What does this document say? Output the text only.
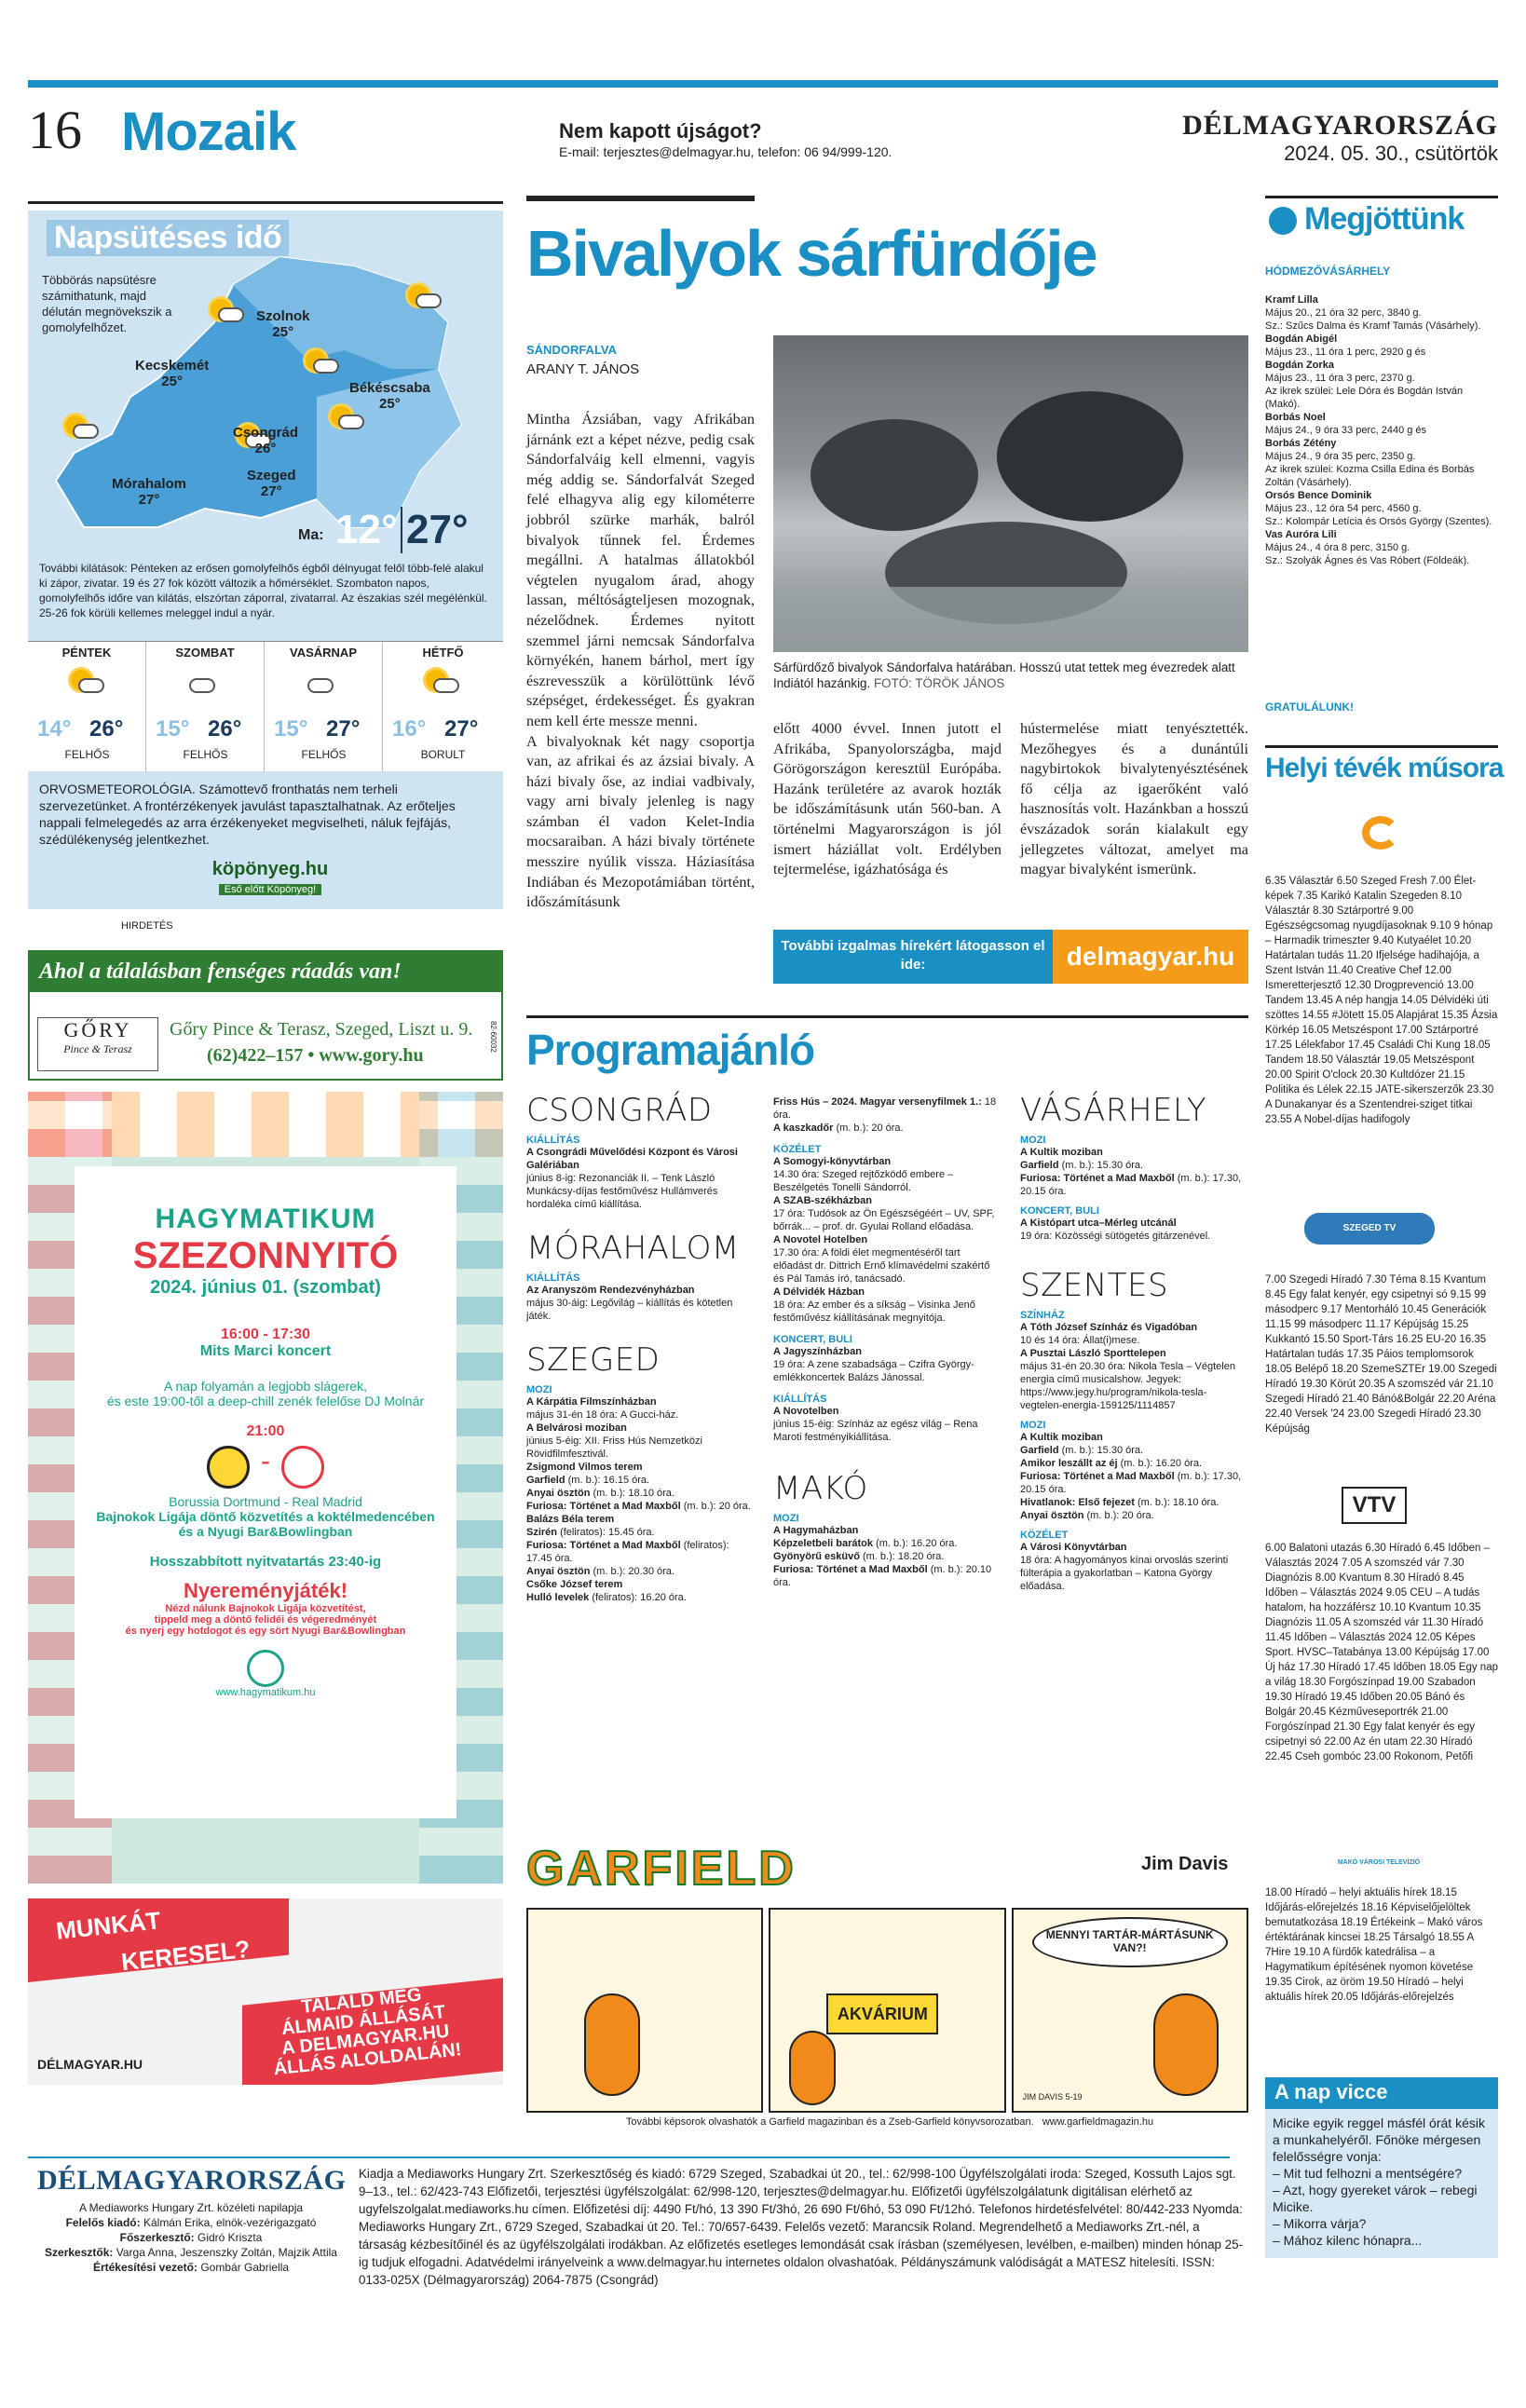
16 Mozaik	Nem kapott újságot?
E-mail: terjesztes@delmagyar.hu, telefon: 06 94/999-120.
DÉLMAGYARORSZÁG
2024. 05. 30., csütörtök
Napsütéses idő
Többörás napsütésre számithatunk, majd délután megnövekszik a gomolyfelhőzet.
Szolnok
25°
Kecskemét
25°	Békéscsaba
25°
Csongrád
26°
Szeged
27°
Mórahalom
27°
Ma: 12° 27°
További kilátások: Pénteken az erősen gomolyfelhős égből délnyugat felől több-felé alakul ki zápor, zivatar. 19 és 27 fok között változik a hőmérséklet. Szombaton napos, gomolyfelhős időre van kilátás, elszórtan záporral, zivatarral. Az északias szél megélénkül. 25-26 fok körüli kellemes meleggel indul a nyár.
PÉNTEK
14° 26°
FELHŐS
SZOMBAT
15° 26°
FELHŐS
VASÁRNAP
15° 27°
FELHŐS
HÉTFŐ
16° 27°
BORULT
ORVOSMETEOROLÓGIA. Számottevő fronthatás nem terheli szervezetünket. A frontérzékenyek javulást tapasztalhatnak. Az erőteljes nappali felmelegedés az arra érzékenyeket megviselheti, náluk fejfájás, szédülékenység jelentkezhet.
köpönyeg.hu
Eső előtt Köpönyeg!
HIRDETÉS
Ahol a tálalásban fenséges ráadás van!
GŐRY
Pince & Terasz
Gőry Pince & Terasz, Szeged, Liszt u. 9.
(62)422–157 • www.gory.hu
82-60032
HAGYMATIKUM
SZEZONNYITÓ
2024. június 01. (szombat)
16:00 - 17:30
Mits Marci koncert
A nap folyamán a legjobb slágerek,
és este 19:00-től a deep-chill zenék felelőse DJ Molnár
21:00
-
Borussia Dortmund - Real Madrid
Bajnokok Ligája döntő közvetítés a koktélmedencében
és a Nyugi Bar&Bowlingban
Hosszabbított nyitvatartás 23:40-ig
Nyereményjáték!
Nézd nálunk Bajnokok Ligája közvetítést,
tippeld meg a döntő felidéi és végeredményét
és nyerj egy hotdogot és egy sört Nyugi Bar&Bowlingban
www.hagymatikum.hu
MUNKÁT
KERESEL?
TALÁLD MEG
ÁLMAID ÁLLÁSÁT
A DELMAGYAR.HU
ÁLLÁS ALOLDALÁN!
DÉLMAGYAR.HU
Bivalyok sárfürdője
SÁNDORFALVA
ARANY T. JÁNOS
Mintha Ázsiában, vagy Afrikában járnánk ezt a képet nézve, pedig csak Sándorfalváig kell elmenni, vagyis még addig se. Sándorfalvát Szeged felé elhagyva alig egy kilométerre jobbról szürke marhák, balról bivalyok tűnnek fel. Érdemes megállni. A hatalmas állatokból végtelen nyugalom árad, ahogy lassan, méltóságteljesen mozognak, nézelődnek. Érdemes nyitott szemmel járni nemcsak Sándorfalva környékén, hanem bárhol, mert így észrevesszük a körülöttünk lévő szépséget, érdekességet. És gyakran nem kell érte messze menni.
A bivalyoknak két nagy csoportja van, az afrikai és az ázsiai bivaly. A házi bivaly őse, az indiai vadbivaly, vagy arni bivaly jelenleg is nagy számban él vadon Kelet-India mocsaraiban. A házi bivaly története messzire nyúlik vissza. Háziasítása Indiában és Mezopotámiában történt, időszámításunk
Sárfürdőző bivalyok Sándorfalva határában. Hosszú utat tettek meg évezredek alatt Indiától hazánkig. FOTÓ: TÖRÖK JÁNOS
előtt 4000 évvel. Innen jutott el Afrikába, Spanyolországba, majd Görögországon keresztül Európába. Hazánk területére az avarok hozták be időszámításunk után 560-ban. A történelmi Magyarországon is jól ismert háziállat volt. Erdélyben tejtermelése, igázhatósága és
hústermelése miatt tenyésztették. Mezőhegyes és a dunántúli nagybirtokok bivalytenyésztésének fő célja az igaerőként való hasznosítás volt. Hazánkban a hosszú évszázadok során kialakult egy jellegzetes változat, amelyet ma magyar bivalyként ismerünk.
További izgalmas hírekért látogasson el ide:	delmagyar.hu
Programajánló
CSONGRÁD
KIÁLLÍTÁS
A Csongrádi Művelődési Központ és Városi Galériában
június 8-ig: Rezonanciák II. – Tenk László Munkácsy-díjas festőművész Hullámverés hordaléka című kiállítása.
MÓRAHALOM
KIÁLLÍTÁS
Az Aranyszöm Rendezvényházban
május 30-áig: Legővilág – kiállítás és kötetlen játék.
SZEGED
MOZI
A Kárpátia Filmszínházban
május 31-én 18 órа: A Gucci-ház.
A Belvárosi moziban
június 5-éig: XII. Friss Hús Nemzetközi Rövidfilmfesztivál.
Zsigmond Vilmos terem
Garfield (m. b.): 16.15 óra.
Anyai ösztön (m. b.): 18.10 óra.
Furiosa: Történet a Mad Maxből (m. b.): 20 óra.
Balázs Béla terem
Szirén (feliratos): 15.45 óra.
Furiosa: Történet a Mad Maxből (feliratos): 17.45 óra.
Anyai ösztön (m. b.): 20.30 óra.
Csőke József terem
Hulló levelek (feliratos): 16.20 óra.
Friss Hús – 2024. Magyar versenyfilmek 1.: 18 óra.
A kaszkadőr (m. b.): 20 óra.
KÖZÉLET
A Somogyi-könyvtárban
14.30 óra: Szeged rejtőzködő emberе – Beszélgetés Tonelli Sándorról.
A SZAB-székházban
17 óra: Tudósok az Ön Egészségéért – UV, SPF, bőrrák... – prof. dr. Gyulai Rolland előadása.
A Novotel Hotelben
17.30 óra: A földi élet megmentéséről tart előadást dr. Dittrich Ernő klímavédelmi szakértő és Pál Tamás író, tanácsadó.
A Délvidék Házban
18 óra: Az ember és a síkság – Visinka Jenő festőművész kiállításának megnyitója.
KONCERT, BULI
A Jagyszínházban
19 óra: A zene szabadsága – Czifra György-emlékkoncertek Balázs Jánossal.
KIÁLLÍTÁS
A Novotelben
június 15-éig: Színház az egész világ – Rena Maroti festményikiállítása.
MAKÓ
MOZI
A Hagymaházban
Képzeletbeli barátok (m. b.): 16.20 óra.
Gyönyörű esküvő (m. b.): 18.20 óra.
Furiosa: Történet a Mad Maxből (m. b.): 20.10 óra.
VÁSÁRHELY
MOZI
A Kultik moziban
Garfield (m. b.): 15.30 óra.
Furiosa: Történet a Mad Maxből (m. b.): 17.30, 20.15 óra.
KONCERT, BULI
A Kistópart utca–Mérleg utcánál
19 óra: Közösségi sütögetés gitárzenével.
SZENTES
SZÍNHÁZ
A Tóth József Színház és Vigadóban
10 és 14 óra: Állat(i)mese.
A Pusztai László Sportteleрen
május 31-én 20.30 óra: Nikola Tesla – Végtelen energia című musicalshow. Jegyek: https://www.jegy.hu/program/nikola-tesla-vegtelen-energia-159125/1114857
MOZI
A Kultik moziban
Garfield (m. b.): 15.30 óra.
Amikor leszállt az éj (m. b.): 16.20 óra.
Furiosa: Történet a Mad Maxből (m. b.): 17.30, 20.15 óra.
Hivatlanok: Első fejezet (m. b.): 18.10 óra.
Anyai ösztön (m. b.): 20 óra.
KÖZÉLET
A Városi Könyvtárban
18 óra: A hagyományos kínai orvoslás szerinti fülterápia a gyakorlatban – Katona György előadása.
GARFIELD	Jim Davis
AKVÁRIUM
MENNYI TARTÁR-MÁRTÁSUNK VAN?!
JIM DAVIS 5-19
További képsorok olvashatók a Garfield magazinban és a Zseb-Garfield könyvsorozatban.   www.garfieldmagazin.hu
Megjöttünk
HÓDMEZŐVÁSÁRHELY
Kramf Lilla
Május 20., 21 óra 32 perc, 3840 g.
Sz.: Szűcs Dalma és Kramf Tamás (Vásárhely).
Bogdán Abigél
Május 23., 11 óra 1 perc, 2920 g és
Bogdán Zorka
Május 23., 11 óra 3 perc, 2370 g.
Az ikrek szülei: Lele Dóra és Bogdán István (Makó).
Borbás Noel
Május 24., 9 óra 33 perc, 2440 g és
Borbás Zétény
Május 24., 9 óra 35 perc, 2350 g.
Az ikrek szülei: Kozma Csilla Edina és Borbás Zoltán (Vásárhely).
Orsós Bence Dominik
Május 23., 12 óra 54 perc, 4560 g.
Sz.: Kolompár Letícia és Orsós György (Szentes).
Vas Auróra Lili
Május 24., 4 óra 8 perc, 3150 g.
Sz.: Szolyák Ágnes és Vas Róbert (Földeák).
GRATULÁLUNK!
Helyi tévék műsora
6.35 Választár 6.50 Szeged Fresh 7.00 Élet-képek 7.35 Karikó Katalin Szegeden 8.10 Választár 8.30 Sztárportré 9.00 Egészségcsomag nyugdíjasoknak 9.10 9 hónap – Harmadik trimeszter 9.40 Kutyaélet 10.20 Határtalan tudás 11.20 Ifjelsége hadihajója, a Szent István 11.40 Creative Chef 12.00 Ismeretterjesztő 12.30 Drogprevenció 13.00 Tandem 13.45 A nép hangja 14.05 Délvidéki úti szöttes 14.55 #Jötett 15.05 Alapjárat 15.35 Ázsia Körkép 16.05 Metszéspont 17.00 Sztárportré 17.25 Lélekfabor 17.45 Családi Chi Kung 18.05 Tandem 18.50 Választár 19.05 Metszéspont 20.00 Spirit O'clock 20.30 Kultdózer 21.15 Politika és Lélek 22.15 JATE-sikerszerzők 23.30 A Dunakanyar és a Szentendrei-sziget titkai 23.55 A Nobel-díjas hadifogoly
SZEGED TV
7.00 Szegedi Híradó 7.30 Téma 8.15 Kvantum 8.45 Egy falat kenyér, egy csipetnyi só 9.15 99 másodperc 9.17 Mentorháló 10.45 Generációk 11.15 99 másodperc 11.17 Képújság 15.25 Kukkantó 15.50 Sport-Társ 16.25 EU-20 16.35 Határtalan tudás 17.35 Páios templomsorok 18.05 Belépő 18.20 SzemeSZTEr 19.00 Szegedi Híradó 19.30 Körút 20.35 A szomszéd vár 21.10 Szegedi Híradó 21.40 Bánó&Bolgár 22.20 Aréna 22.40 Versek '24 23.00 Szegedi Híradó 23.30 Képújság
VTV
6.00 Balatoni utazás 6.30 Híradó 6.45 Időben – Választás 2024 7.05 A szomszéd vár 7.30 Diagnózis 8.00 Kvantum 8.30 Híradó 8.45 Időben – Választás 2024 9.05 CEU – A tudás hatalom, ha hozzáférsz 10.10 Kvantum 10.35 Diagnózis 11.05 A szomszéd vár 11.30 Híradó 11.45 Időben – Választás 2024 12.05 Képes Sport. HVSC–Tatabánya 13.00 Képújság 17.00 Új ház 17.30 Híradó 17.45 Időben 18.05 Egy nap a világ 18.30 Forgószínpad 19.00 Szabadon 19.30 Híradó 19.45 Időben 20.05 Bánó és Bolgár 20.45 Kézműveseportrék 21.00 Forgószínpad 21.30 Egy falat kenyér és egy csipetnyi só 22.00 Az én utam 22.30 Híradó 22.45 Cseh gombóc 23.00 Rokonom, Petőfi
MAKÓ VÁROSI TELEVÍZIÓ
18.00 Híradó – helyi aktuális hírek 18.15 Időjárás-előrejelzés 18.16 Képviselőjelöltek bemutatkozása 18.19 Értékeink – Makó város értéktárának kincsei 18.25 Társalgó 18.55 A 7Hire 19.10 A fürdők katedrálisa – a Hagymatikum építésének nyomon követése 19.35 Cirok, az öröm 19.50 Híradó – helyi aktuális hírek 20.05 Időjárás-előrejelzés
A nap vicce
Micike egyik reggel másfél órát késik a munkahelyéről. Főnöke mérgesen felelősségre vonja:
– Mit tud felhozni a mentségére?
– Azt, hogy gyereket várok – rebegi Micike.
– Mikorra várja?
– Mához kilenc hónapra...
DÉLMAGYARORSZÁG
A Mediaworks Hungary Zrt. közéleti napilapja
Felelős kiadó: Kálmán Erika, elnök-vezérigazgató
Főszerkesztő: Gidró Kriszta
Szerkesztők: Varga Anna, Jeszenszky Zoltán, Majzik Attila
Értékesítési vezető: Gombár Gabriella
Kiadja a Mediaworks Hungary Zrt. Szerkesztőség és kiadó: 6729 Szeged, Szabadkai út 20., tel.: 62/998-100 Ügyfélszolgálati iroda: Szeged, Kossuth Lajos sgt. 9–13., tel.: 62/423-743 Előfizetői, terjesztési ügyfélszolgálat: 62/998-120, terjesztes@delmagyar.hu. Előfizetői ügyfélszolgálatunk digitálisan elérhető az ugyfelszolgalat.mediaworks.hu címen. Előfizetési díj: 4490 Ft/hó, 13 390 Ft/3hó, 26 690 Ft/6hó, 53 090 Ft/12hó. Telefonos hirdetésfelvétel: 80/442-233 Nyomda: Mediaworks Hungary Zrt., 6729 Szeged, Szabadkai út 20. Tel.: 70/657-6439. Felelős vezető: Marancsik Roland. Megrendelhető a Mediaworks Zrt.-nél, a társaság kézbesítőinél és az ügyfélszolgálati irodákban. Az előfizetés esetleges lemondását csak írásban (személyesen, levélben, e-mailben) minden hónap 25-ig tudjuk elfogadni. Adatvédelmi irányelveink a www.delmagyar.hu internetes oldalon olvashatóak. Példányszámunk valódiságát a MATESZ hitelesíti. ISSN: 0133-025X (Délmagyarország) 2064-7875 (Csongrád)
